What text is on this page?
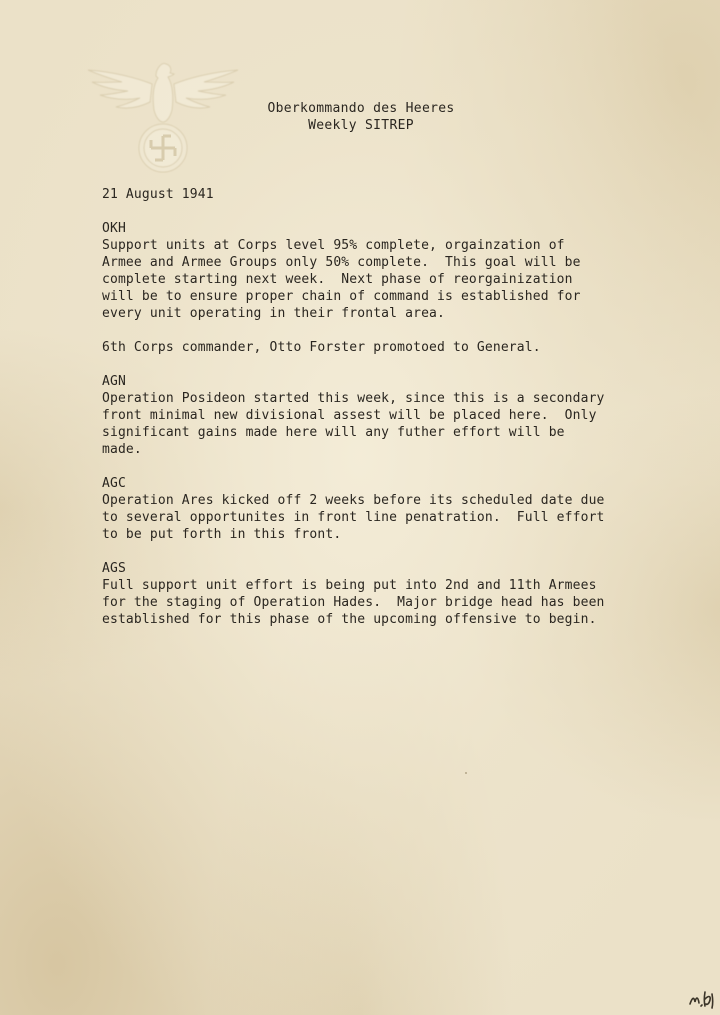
Oberkommando des Heeres
Weekly SITREP
21 August 1941
OKH
Support units at Corps level 95% complete, orgainzation of
Armee and Armee Groups only 50% complete.  This goal will be
complete starting next week.  Next phase of reorgainization
will be to ensure proper chain of command is established for
every unit operating in their frontal area.
6th Corps commander, Otto Forster promotoed to General.
AGN
Operation Posideon started this week, since this is a secondary
front minimal new divisional assest will be placed here.  Only
significant gains made here will any futher effort will be
made.
AGC
Operation Ares kicked off 2 weeks before its scheduled date due
to several opportunites in front line penatration.  Full effort
to be put forth in this front.
AGS
Full support unit effort is being put into 2nd and 11th Armees
for the staging of Operation Hades.  Major bridge head has been
established for this phase of the upcoming offensive to begin.
